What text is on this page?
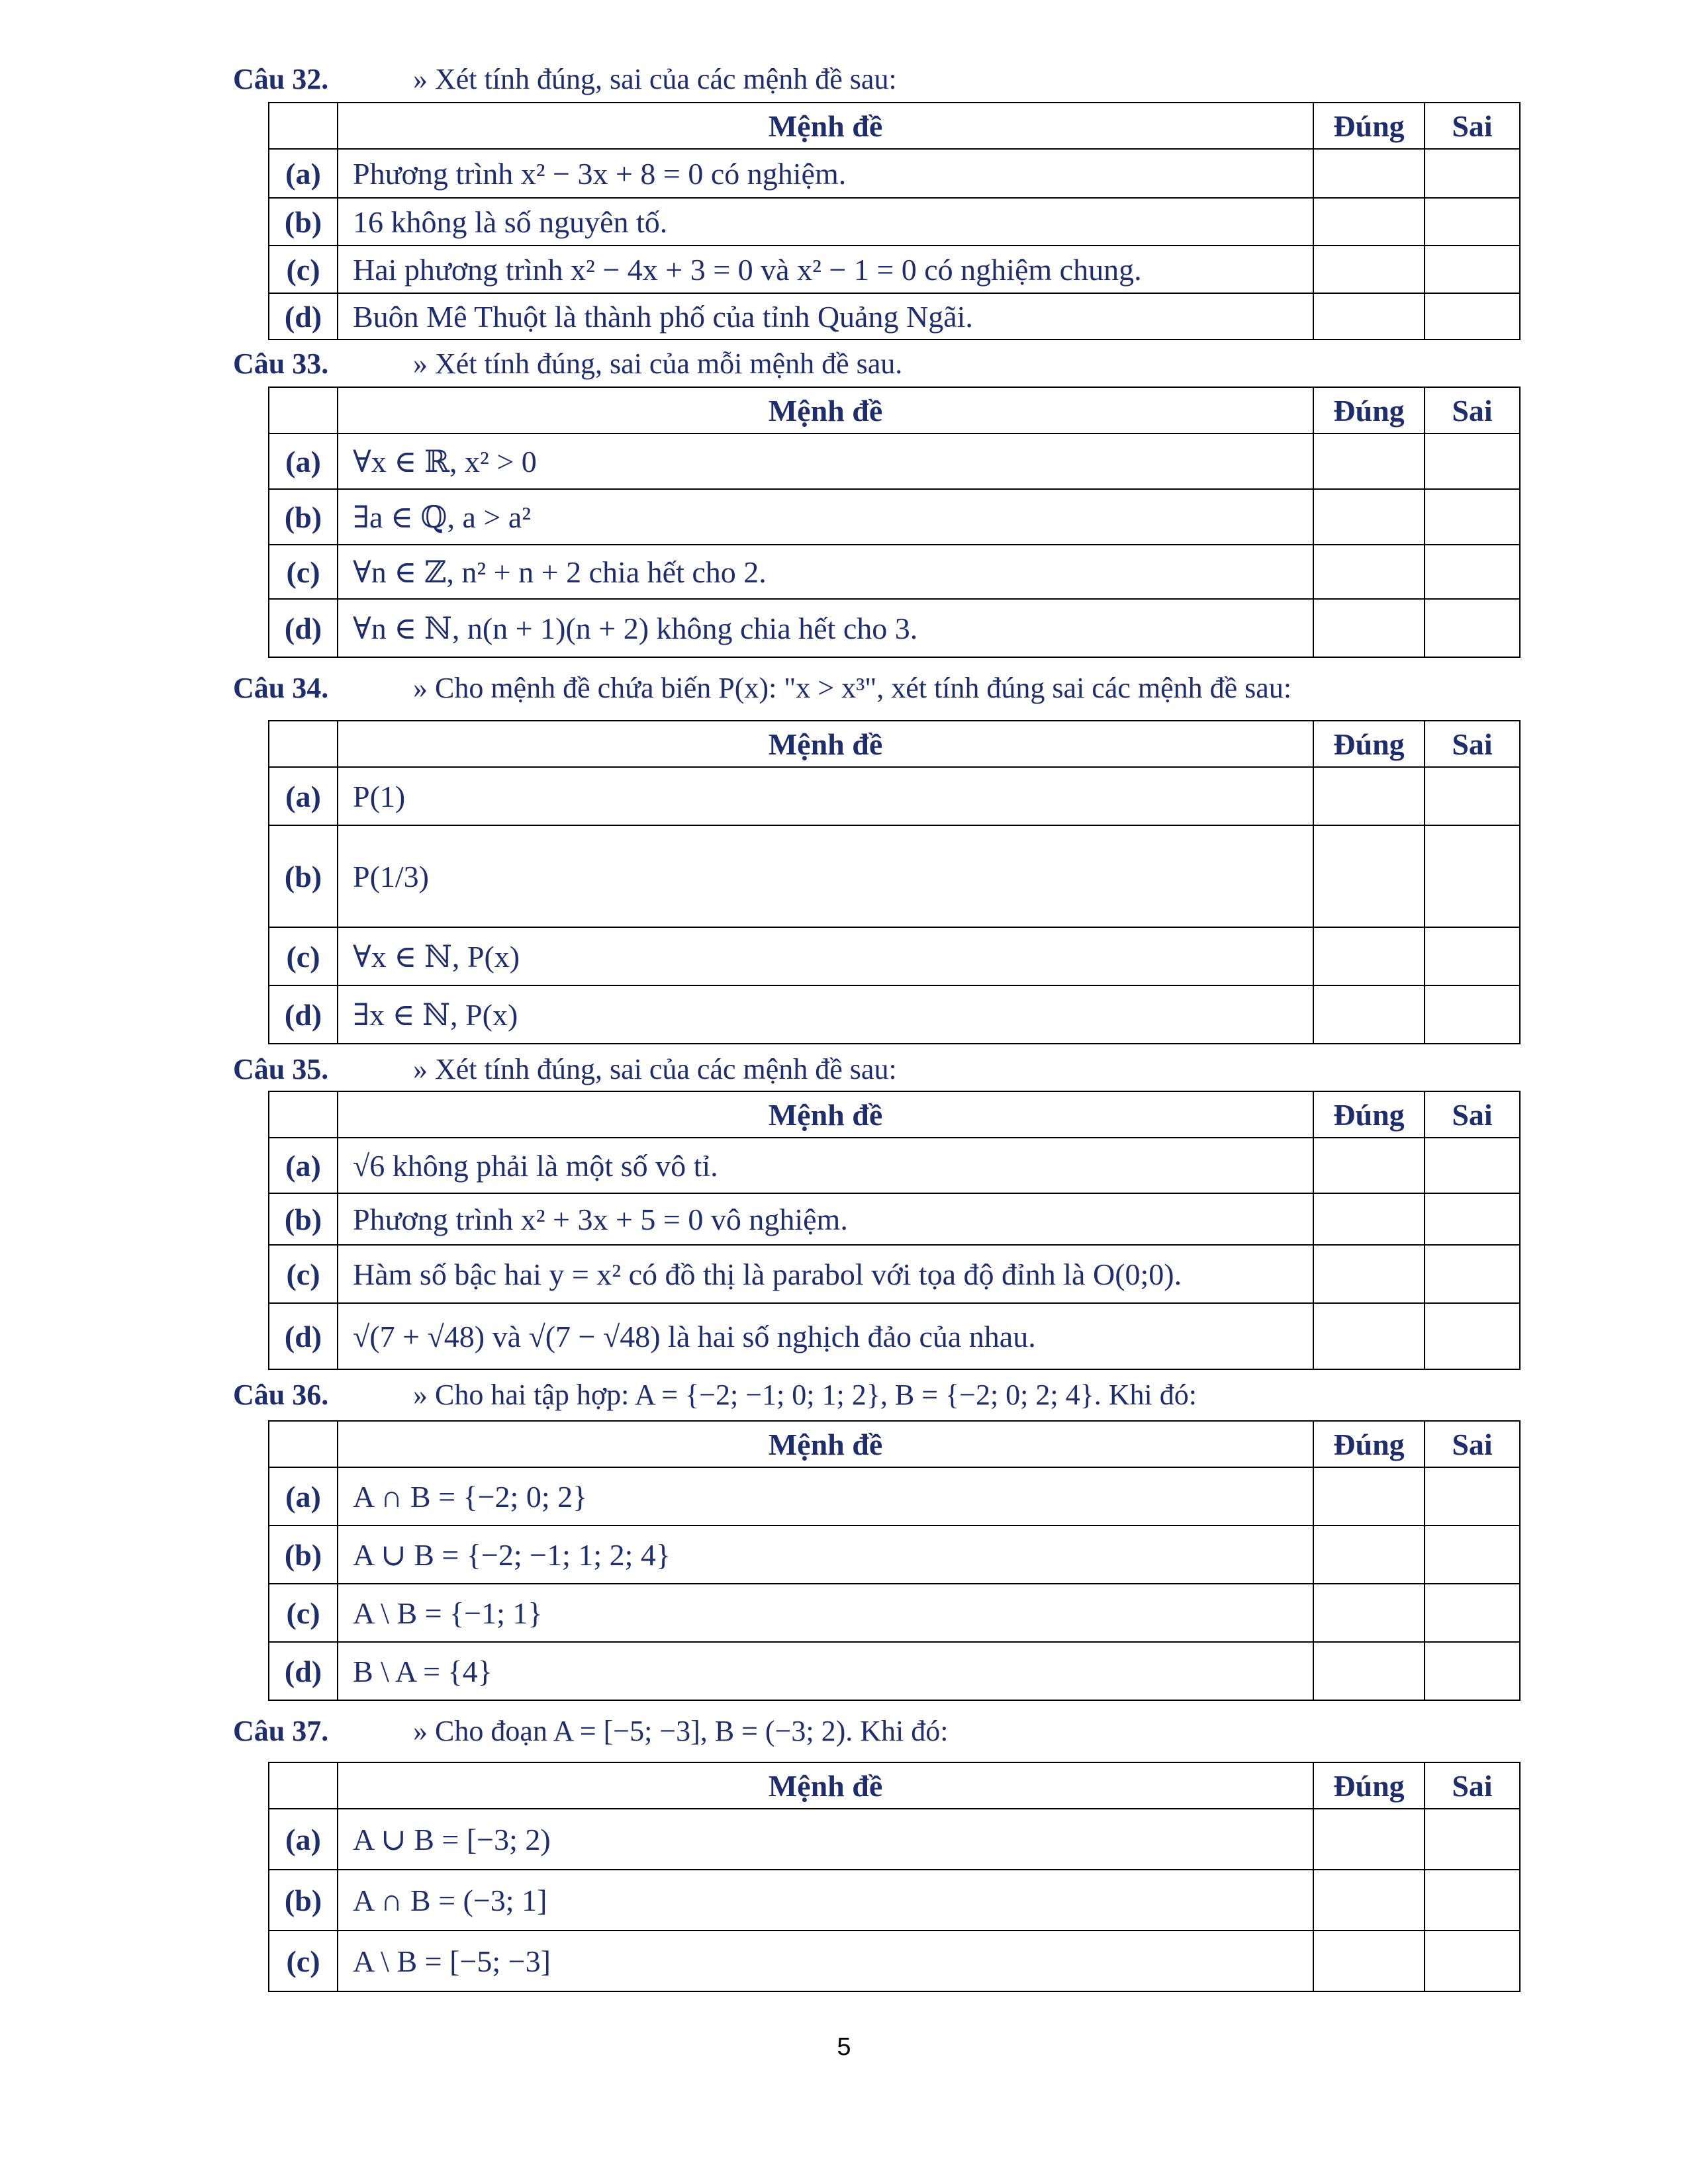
Câu 32.	» Xét tính đúng, sai của các mệnh đề sau:
	Mệnh đề	Đúng	Sai
(a)	Phương trình x² − 3x + 8 = 0 có nghiệm.		
(b)	16 không là số nguyên tố.		
(c)	Hai phương trình x² − 4x + 3 = 0 và x² − 1 = 0 có nghiệm chung.		
(d)	Buôn Mê Thuột là thành phố của tỉnh Quảng Ngãi.		
Câu 33.	» Xét tính đúng, sai của mỗi mệnh đề sau.
	Mệnh đề	Đúng	Sai
(a)	∀x ∈ ℝ, x² > 0		
(b)	∃a ∈ ℚ, a > a²		
(c)	∀n ∈ ℤ, n² + n + 2 chia hết cho 2.		
(d)	∀n ∈ ℕ, n(n + 1)(n + 2) không chia hết cho 3.		
Câu 34.	» Cho mệnh đề chứa biến P(x): "x > x³", xét tính đúng sai các mệnh đề sau:
	Mệnh đề	Đúng	Sai
(a)	P(1)		
(b)	P(1/3)		
(c)	∀x ∈ ℕ, P(x)		
(d)	∃x ∈ ℕ, P(x)		
Câu 35.	» Xét tính đúng, sai của các mệnh đề sau:
	Mệnh đề	Đúng	Sai
(a)	√6 không phải là một số vô tỉ.		
(b)	Phương trình x² + 3x + 5 = 0 vô nghiệm.		
(c)	Hàm số bậc hai y = x² có đồ thị là parabol với tọa độ đỉnh là O(0;0).		
(d)	√(7 + √48) và √(7 − √48) là hai số nghịch đảo của nhau.		
Câu 36.	» Cho hai tập hợp: A = {−2; −1; 0; 1; 2}, B = {−2; 0; 2; 4}. Khi đó:
	Mệnh đề	Đúng	Sai
(a)	A ∩ B = {−2; 0; 2}		
(b)	A ∪ B = {−2; −1; 1; 2; 4}		
(c)	A \ B = {−1; 1}		
(d)	B \ A = {4}		
Câu 37.	» Cho đoạn A = [−5; −3], B = (−3; 2). Khi đó:
	Mệnh đề	Đúng	Sai
(a)	A ∪ B = [−3; 2)		
(b)	A ∩ B = (−3; 1]		
(c)	A \ B = [−5; −3]		
5
